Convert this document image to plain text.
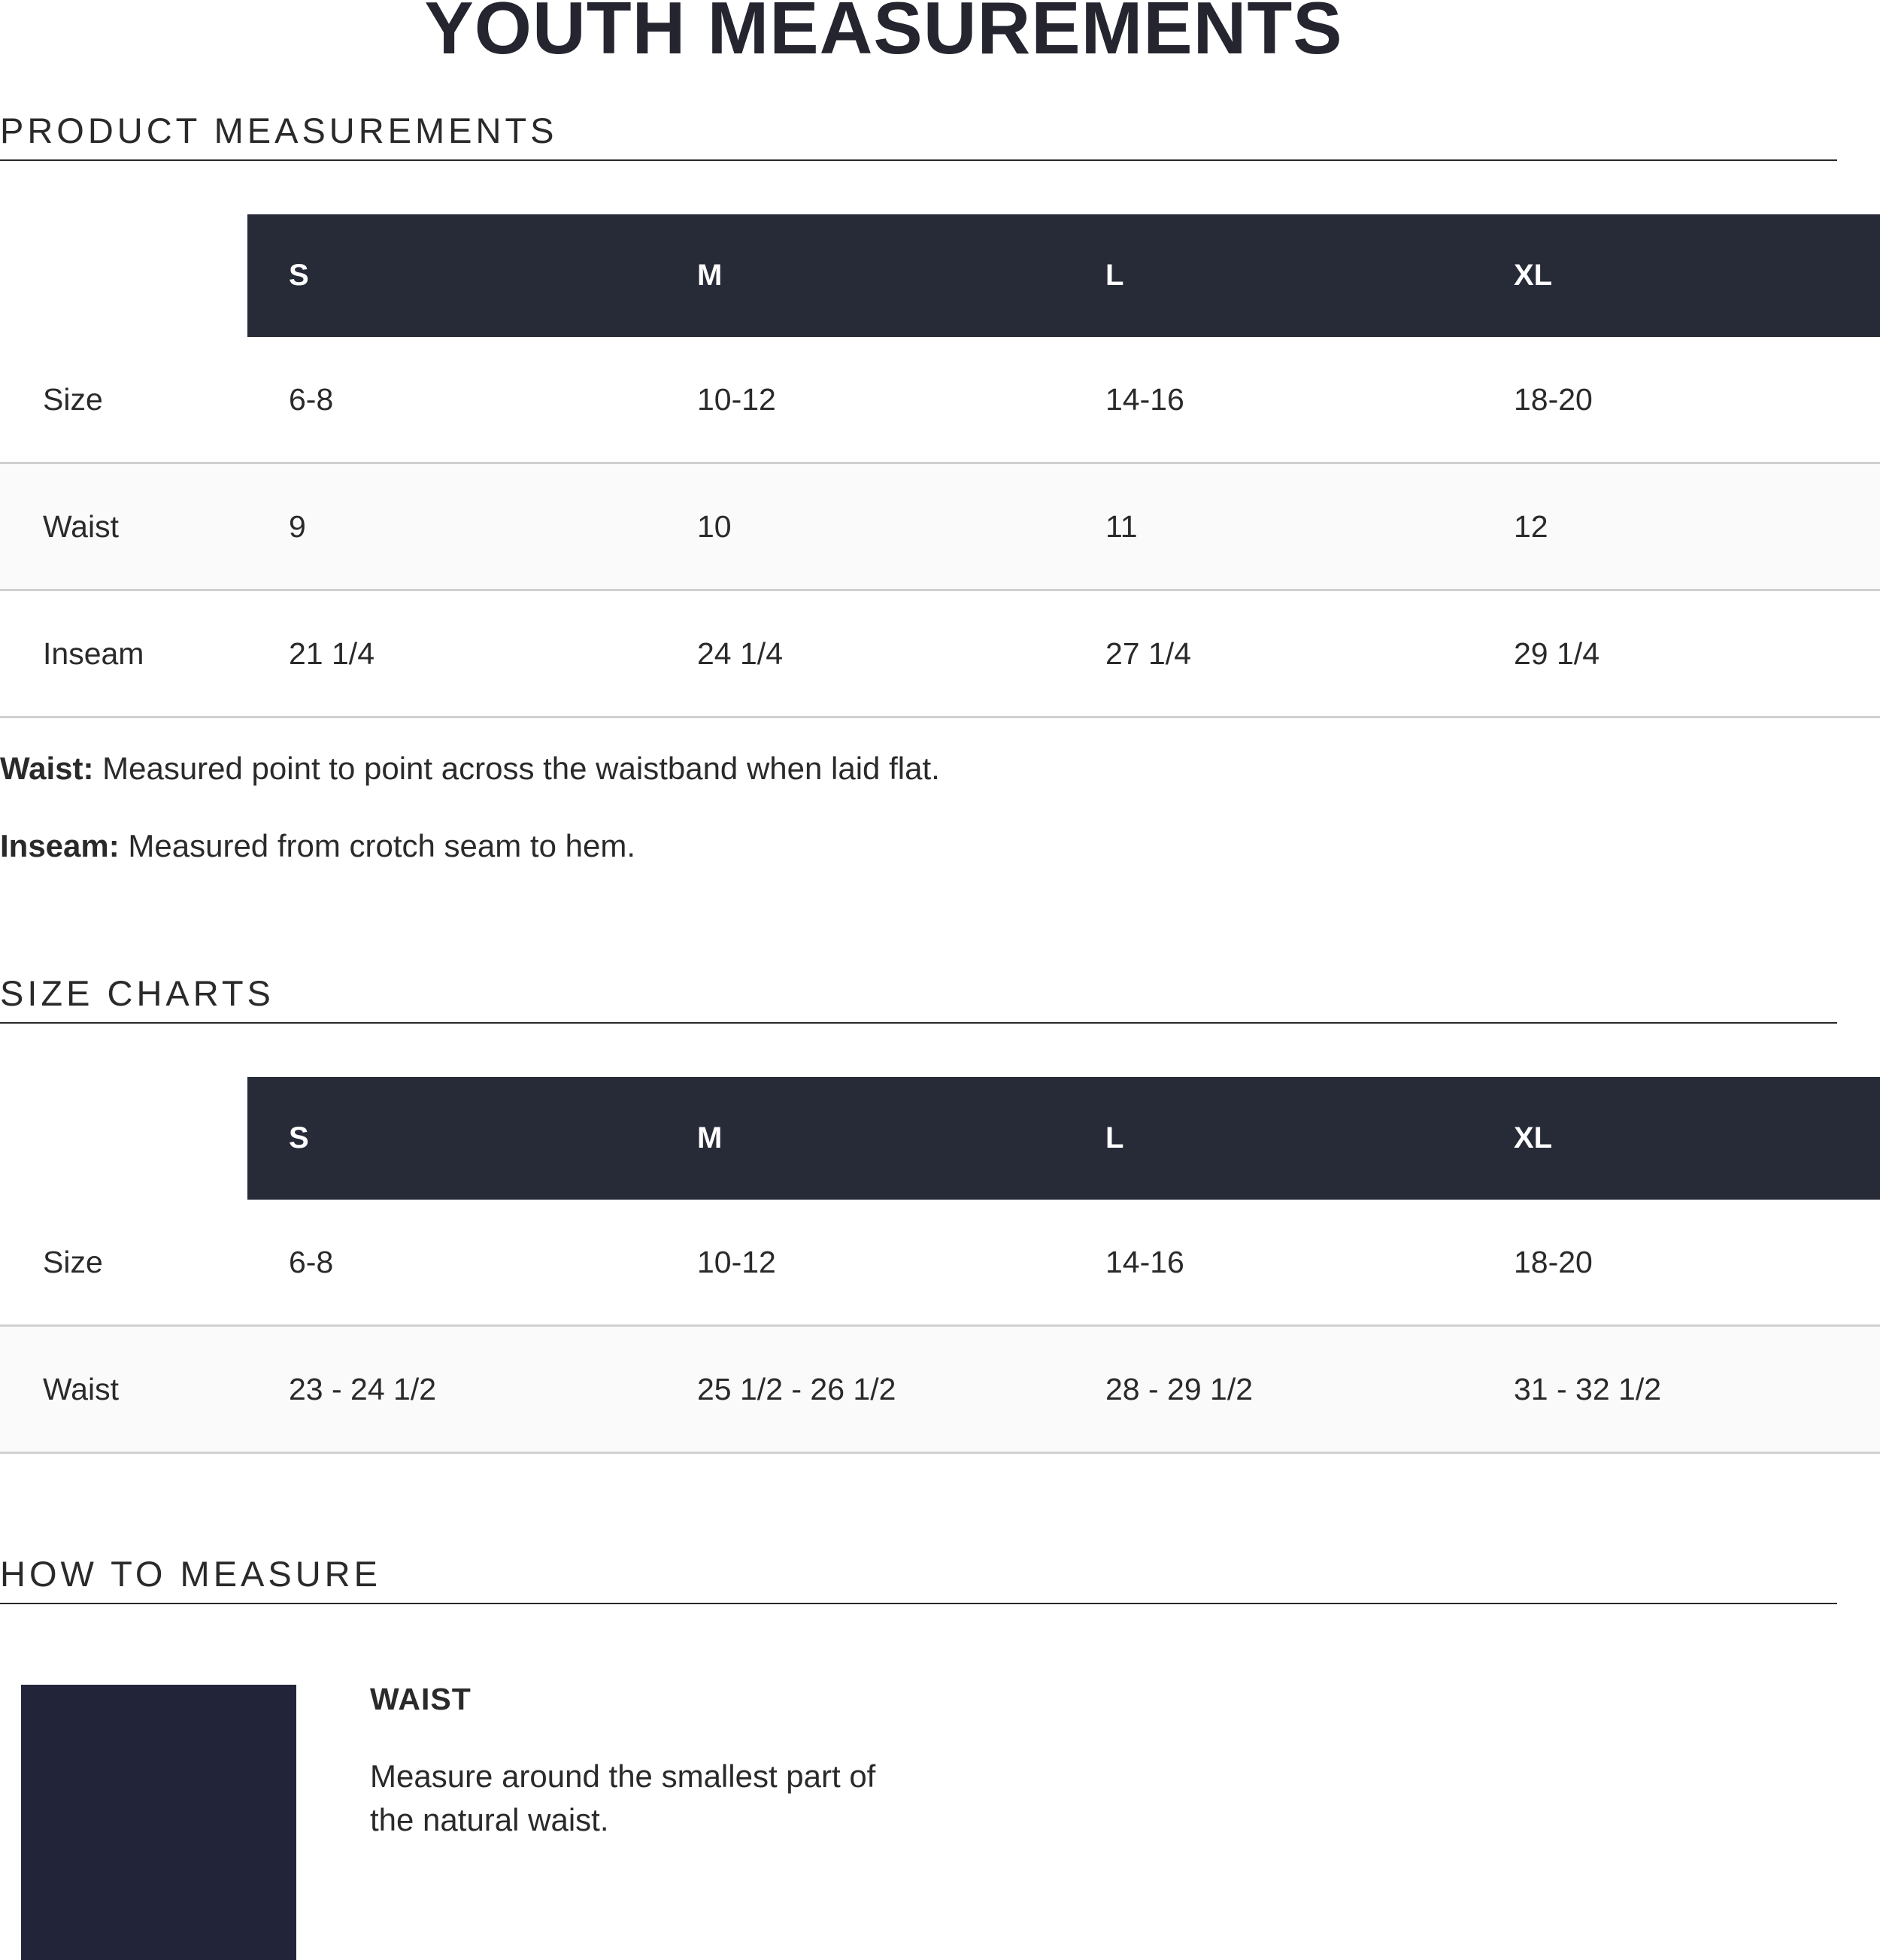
YOUTH MEASUREMENTS
PRODUCT MEASUREMENTS
	S	M	L	XL
Size	6-8	10-12	14-16	18-20
Waist	9	10	11	12
Inseam	21 1/4	24 1/4	27 1/4	29 1/4

Waist: Measured point to point across the waistband when laid flat.

Inseam: Measured from crotch seam to hem.

SIZE CHARTS
	S	M	L	XL
Size	6-8	10-12	14-16	18-20
Waist	23 - 24 1/2	25 1/2 - 26 1/2	28 - 29 1/2	31 - 32 1/2
HOW TO MEASURE
WAIST

Measure around the smallest part of the natural waist.
